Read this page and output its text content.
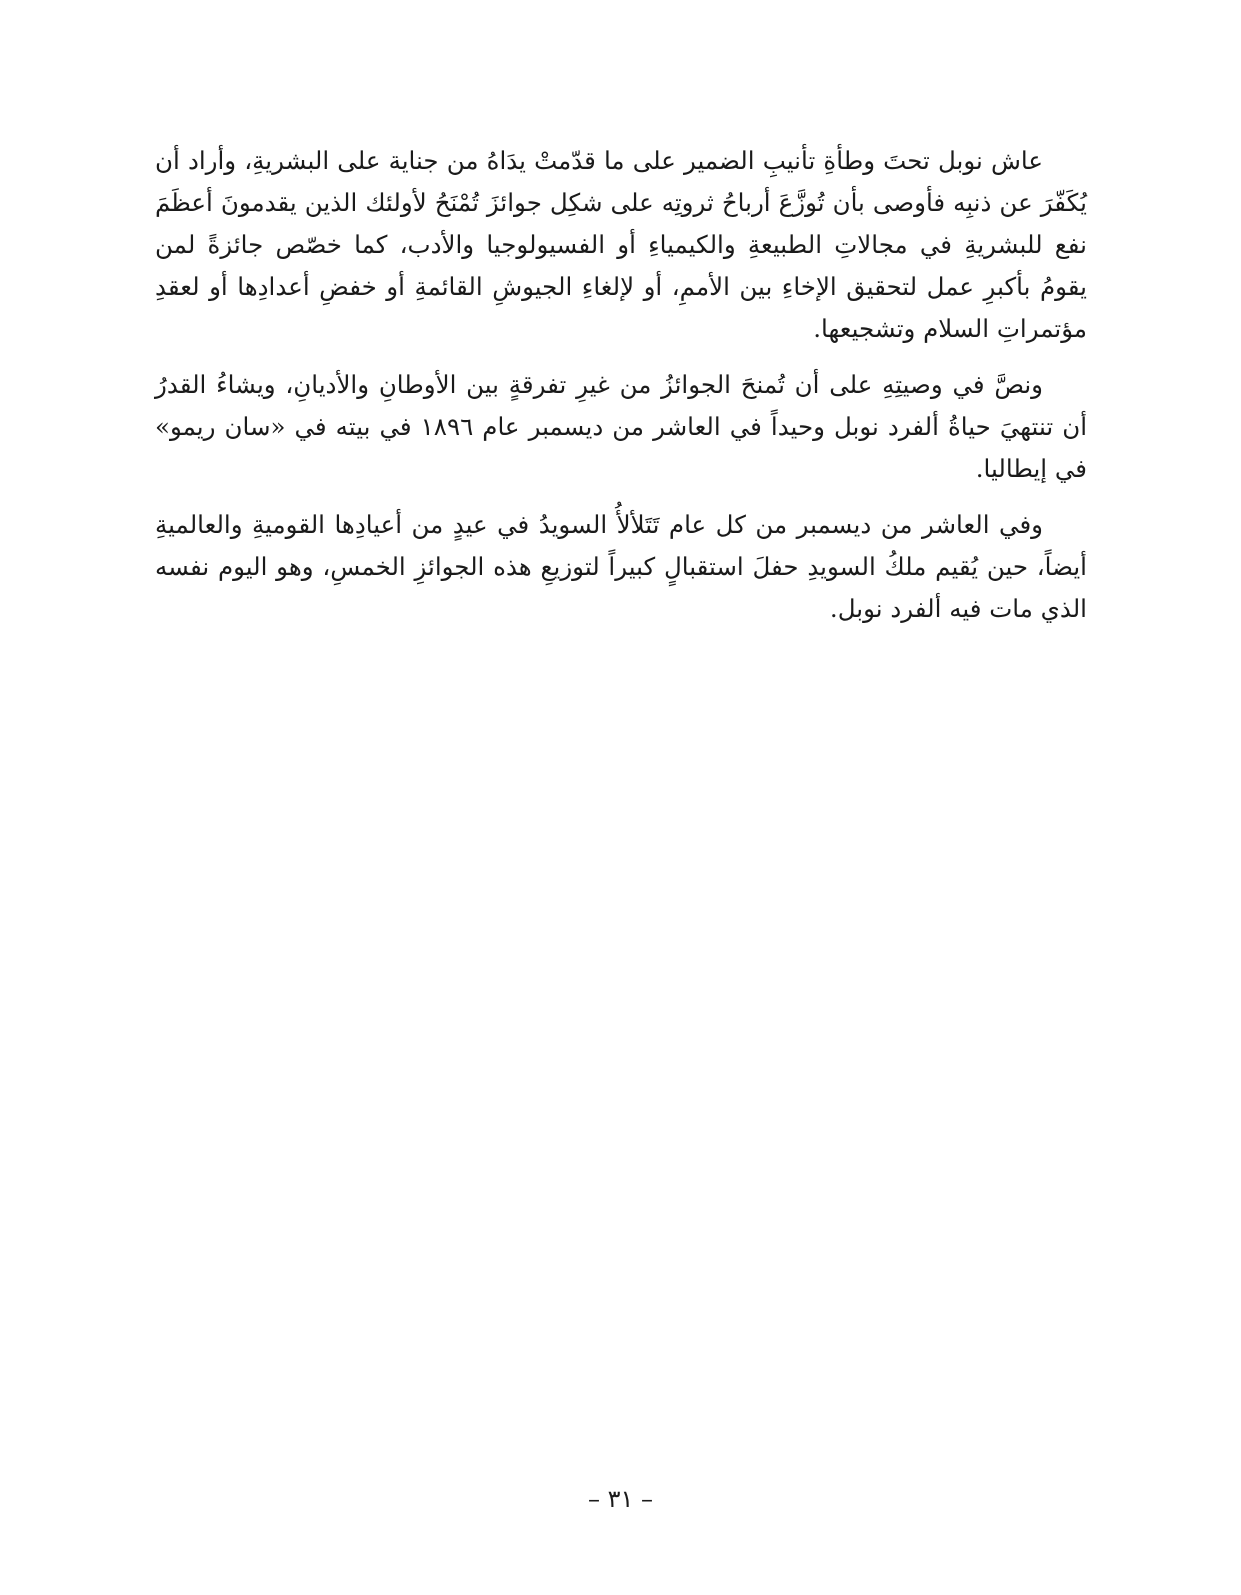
عاش نوبل تحتَ وطأةِ تأنيبِ الضمير على ما قدّمتْ يدَاهُ من جناية على البشريةِ، وأراد أن يُكَفّرَ عن ذنبِه فأوصى بأن تُوزَّعَ أرباحُ ثروتِه على شكِل جوائزَ تُمْنَحُ لأولئك الذين يقدمونَ أعظَمَ نفع للبشريةِ في مجالاتِ الطبيعةِ والكيمياءِ أو الفسيولوجيا والأدب، كما خصّص جائزةً لمن يقومُ بأكبرِ عمل لتحقيق الإخاءِ بين الأممِ، أو لإلغاءِ الجيوشِ القائمةِ أو خفضِ أعدادِها أو لعقدِ مؤتمراتِ السلام وتشجيعها.

ونصَّ في وصيتِهِ على أن تُمنحَ الجوائزُ من غيرِ تفرقةٍ بين الأوطانِ والأديانِ، ويشاءُ القدرُ أن تنتهيَ حياةُ ألفرد نوبل وحيداً في العاشر من ديسمبر عام ١٨٩٦ في بيته في «سان ريمو» في إيطاليا.

وفي العاشر من ديسمبر من كل عام تَتَلألأُ السويدُ في عيدٍ من أعيادِها القوميةِ والعالميةِ أيضاً، حين يُقيم ملكُ السويدِ حفلَ استقبالٍ كبيراً لتوزيعِ هذه الجوائزِ الخمسِ، وهو اليوم نفسه الذي مات فيه ألفرد نوبل.

– ٣١ –
